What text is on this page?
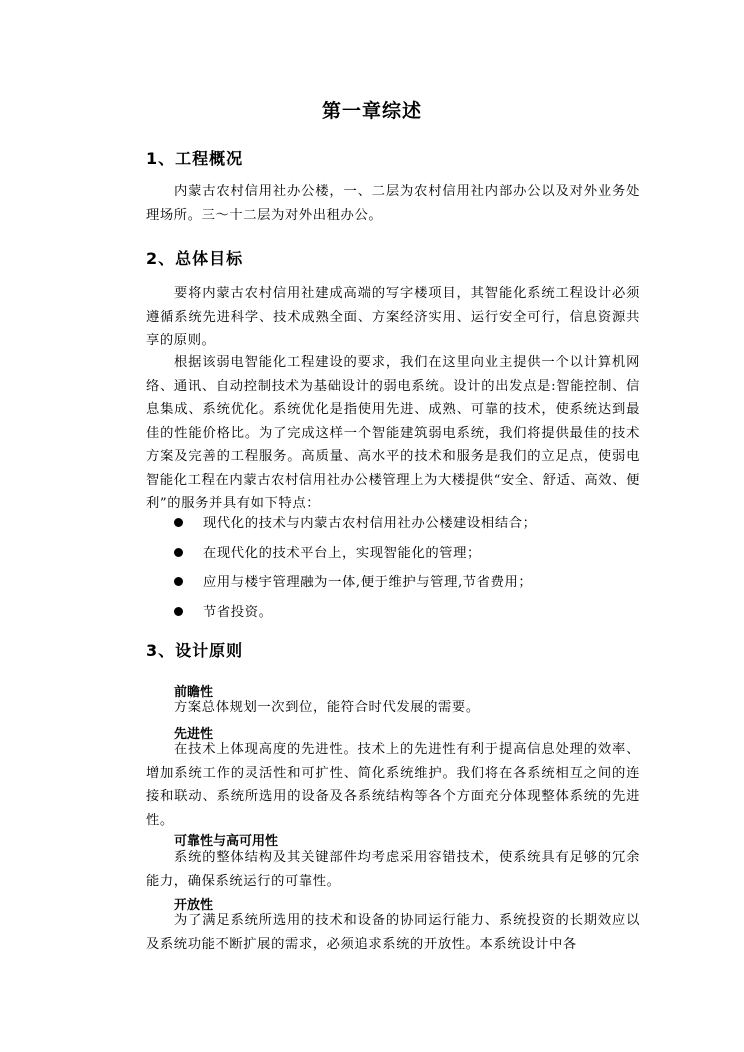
第一章综述
1、工程概况
内蒙古农村信用社办公楼，一、二层为农村信用社内部办公以及对外业务处理场所。三～十二层为对外出租办公。
2、总体目标
要将内蒙古农村信用社建成高端的写字楼项目，其智能化系统工程设计必须遵循系统先进科学、技术成熟全面、方案经济实用、运行安全可行，信息资源共享的原则。
根据该弱电智能化工程建设的要求，我们在这里向业主提供一个以计算机网络、通讯、自动控制技术为基础设计的弱电系统。设计的出发点是:智能控制、信息集成、系统优化。系统优化是指使用先进、成熟、可靠的技术，使系统达到最佳的性能价格比。为了完成这样一个智能建筑弱电系统，我们将提供最佳的技术方案及完善的工程服务。高质量、高水平的技术和服务是我们的立足点，使弱电智能化工程在内蒙古农村信用社办公楼管理上为大楼提供“安全、舒适、高效、便利”的服务并具有如下特点：
现代化的技术与内蒙古农村信用社办公楼建设相结合；
在现代化的技术平台上，实现智能化的管理；
应用与楼宇管理融为一体,便于维护与管理,节省费用；
节省投资。
3、设计原则
前瞻性
方案总体规划一次到位，能符合时代发展的需要。
先进性
在技术上体现高度的先进性。技术上的先进性有利于提高信息处理的效率、增加系统工作的灵活性和可扩性、简化系统维护。我们将在各系统相互之间的连接和联动、系统所选用的设备及各系统结构等各个方面充分体现整体系统的先进性。
可靠性与高可用性
系统的整体结构及其关键部件均考虑采用容错技术，使系统具有足够的冗余能力，确保系统运行的可靠性。
开放性
为了满足系统所选用的技术和设备的协同运行能力、系统投资的长期效应以及系统功能不断扩展的需求，必须追求系统的开放性。本系统设计中各
